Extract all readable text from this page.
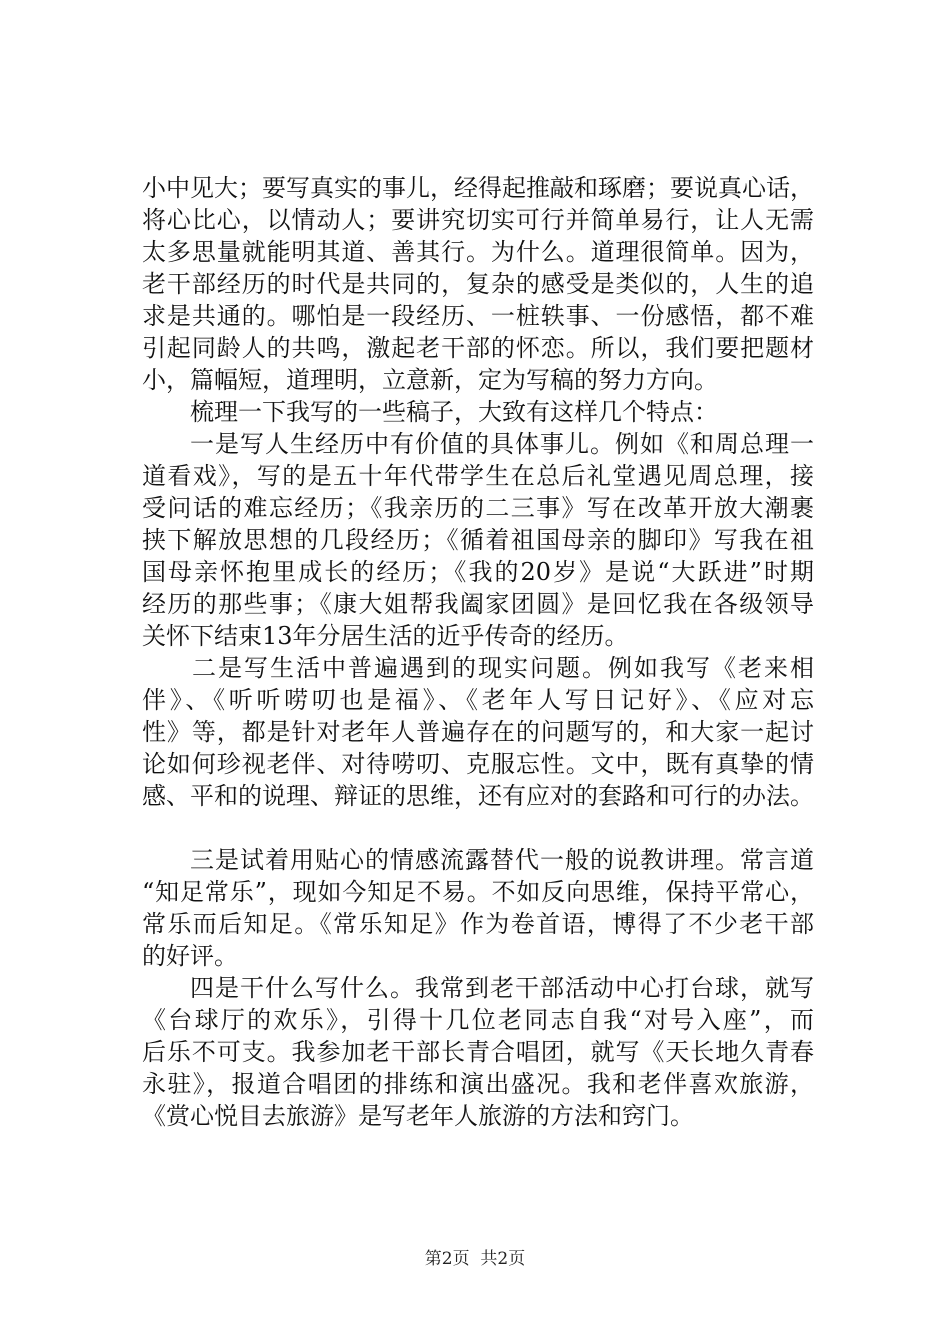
小中见大；要写真实的事儿，经得起推敲和琢磨；要说真心话，
将心比心，以情动人；要讲究切实可行并简单易行，让人无需
太多思量就能明其道、善其行。为什么。道理很简单。因为，
老干部经历的时代是共同的，复杂的感受是类似的，人生的追
求是共通的。哪怕是一段经历、一桩轶事、一份感悟，都不难
引起同龄人的共鸣，激起老干部的怀恋。所以，我们要把题材
小，篇幅短，道理明，立意新，定为写稿的努力方向。
梳理一下我写的一些稿子，大致有这样几个特点：
一是写人生经历中有价值的具体事儿。例如《和周总理一
道看戏》，写的是五十年代带学生在总后礼堂遇见周总理，接
受问话的难忘经历；《我亲历的二三事》写在改革开放大潮裹
挟下解放思想的几段经历；《循着祖国母亲的脚印》写我在祖
国母亲怀抱里成长的经历；《我的20岁》是说“大跃进”时期
经历的那些事；《康大姐帮我阖家团圆》是回忆我在各级领导
关怀下结束13年分居生活的近乎传奇的经历。
二是写生活中普遍遇到的现实问题。例如我写《老来相
伴》、《听听唠叨也是福》、《老年人写日记好》、《应对忘
性》等，都是针对老年人普遍存在的问题写的，和大家一起讨
论如何珍视老伴、对待唠叨、克服忘性。文中，既有真挚的情
感、平和的说理、辩证的思维，还有应对的套路和可行的办法。
三是试着用贴心的情感流露替代一般的说教讲理。常言道
“知足常乐”，现如今知足不易。不如反向思维，保持平常心，
常乐而后知足。《常乐知足》作为卷首语，博得了不少老干部
的好评。
四是干什么写什么。我常到老干部活动中心打台球，就写
《台球厅的欢乐》，引得十几位老同志自我“对号入座”，而
后乐不可支。我参加老干部长青合唱团，就写《天长地久青春
永驻》，报道合唱团的排练和演出盛况。我和老伴喜欢旅游，
《赏心悦目去旅游》是写老年人旅游的方法和窍门。
第2页  共2页
